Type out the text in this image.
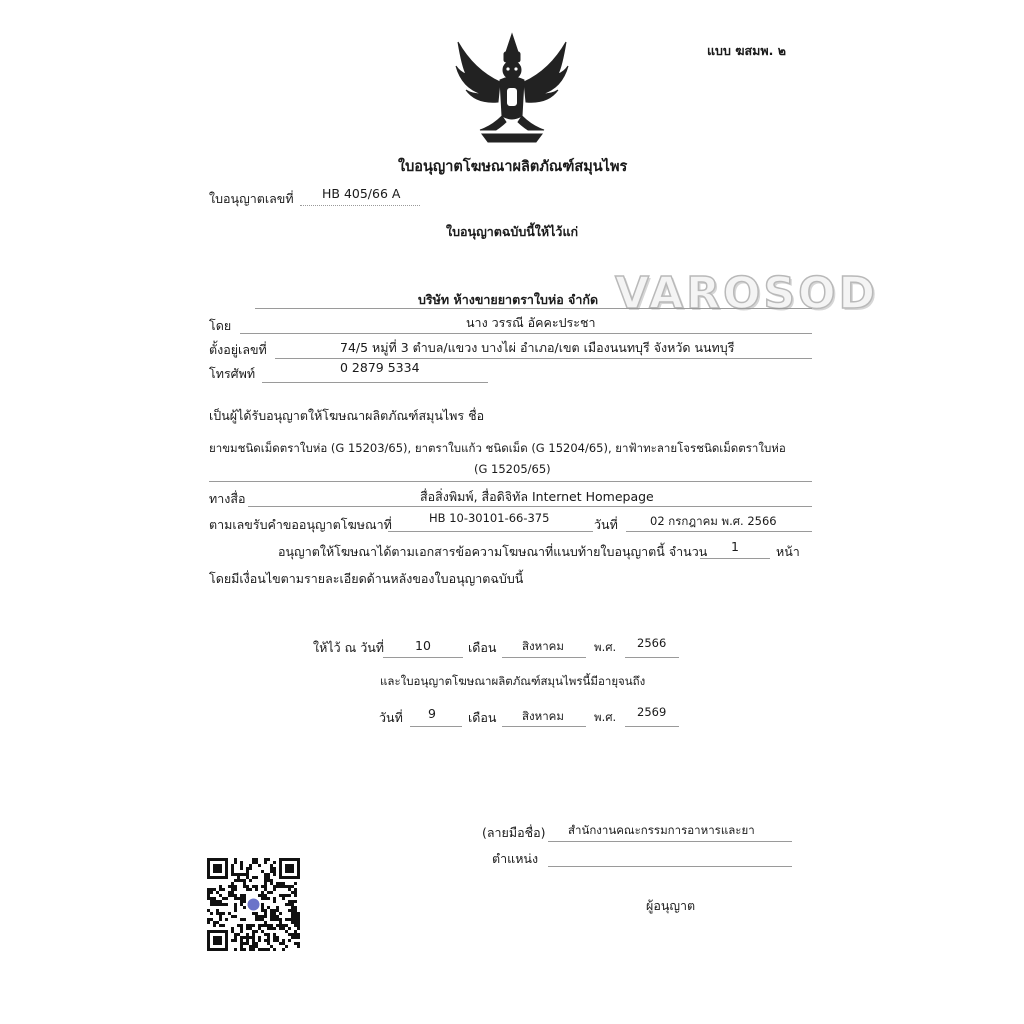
แบบ ฆสมพ. ๒
ใบอนุญาตโฆษณาผลิตภัณฑ์สมุนไพร
ใบอนุญาตเลขที่ HB 405/66 A
ใบอนุญาตฉบับนี้ให้ไว้แก่
VAROSOD
บริษัท ห้างขายยาตราใบห่อ จำกัด
โดย	นาง วรรณี อัคคะประชา
ตั้งอยู่เลขที่	74/5 หมู่ที่ 3 ตำบล/แขวง บางไผ่ อำเภอ/เขต เมืองนนทบุรี จังหวัด นนทบุรี
โทรศัพท์	0 2879 5334
เป็นผู้ได้รับอนุญาตให้โฆษณาผลิตภัณฑ์สมุนไพร ชื่อ
ยาขมชนิดเม็ดตราใบห่อ (G 15203/65), ยาตราใบแก้ว ชนิดเม็ด (G 15204/65), ยาฟ้าทะลายโจรชนิดเม็ดตราใบห่อ
(G 15205/65)
ทางสื่อ	สื่อสิ่งพิมพ์, สื่อดิจิทัล Internet Homepage
ตามเลขรับคำขออนุญาตโฆษณาที่	HB 10-30101-66-375	วันที่	02 กรกฎาคม พ.ศ. 2566
อนุญาตให้โฆษณาได้ตามเอกสารข้อความโฆษณาที่แนบท้ายใบอนุญาตนี้ จำนวน 1	หน้า
โดยมีเงื่อนไขตามรายละเอียดด้านหลังของใบอนุญาตฉบับนี้
ให้ไว้ ณ วันที่ 10	เดือน สิงหาคม	พ.ศ. 2566
และใบอนุญาตโฆษณาผลิตภัณฑ์สมุนไพรนี้มีอายุจนถึง
วันที่ 9	เดือน สิงหาคม	พ.ศ. 2569
(ลายมือชื่อ) สำนักงานคณะกรรมการอาหารและยา
ตำแหน่ง
ผู้อนุญาต
